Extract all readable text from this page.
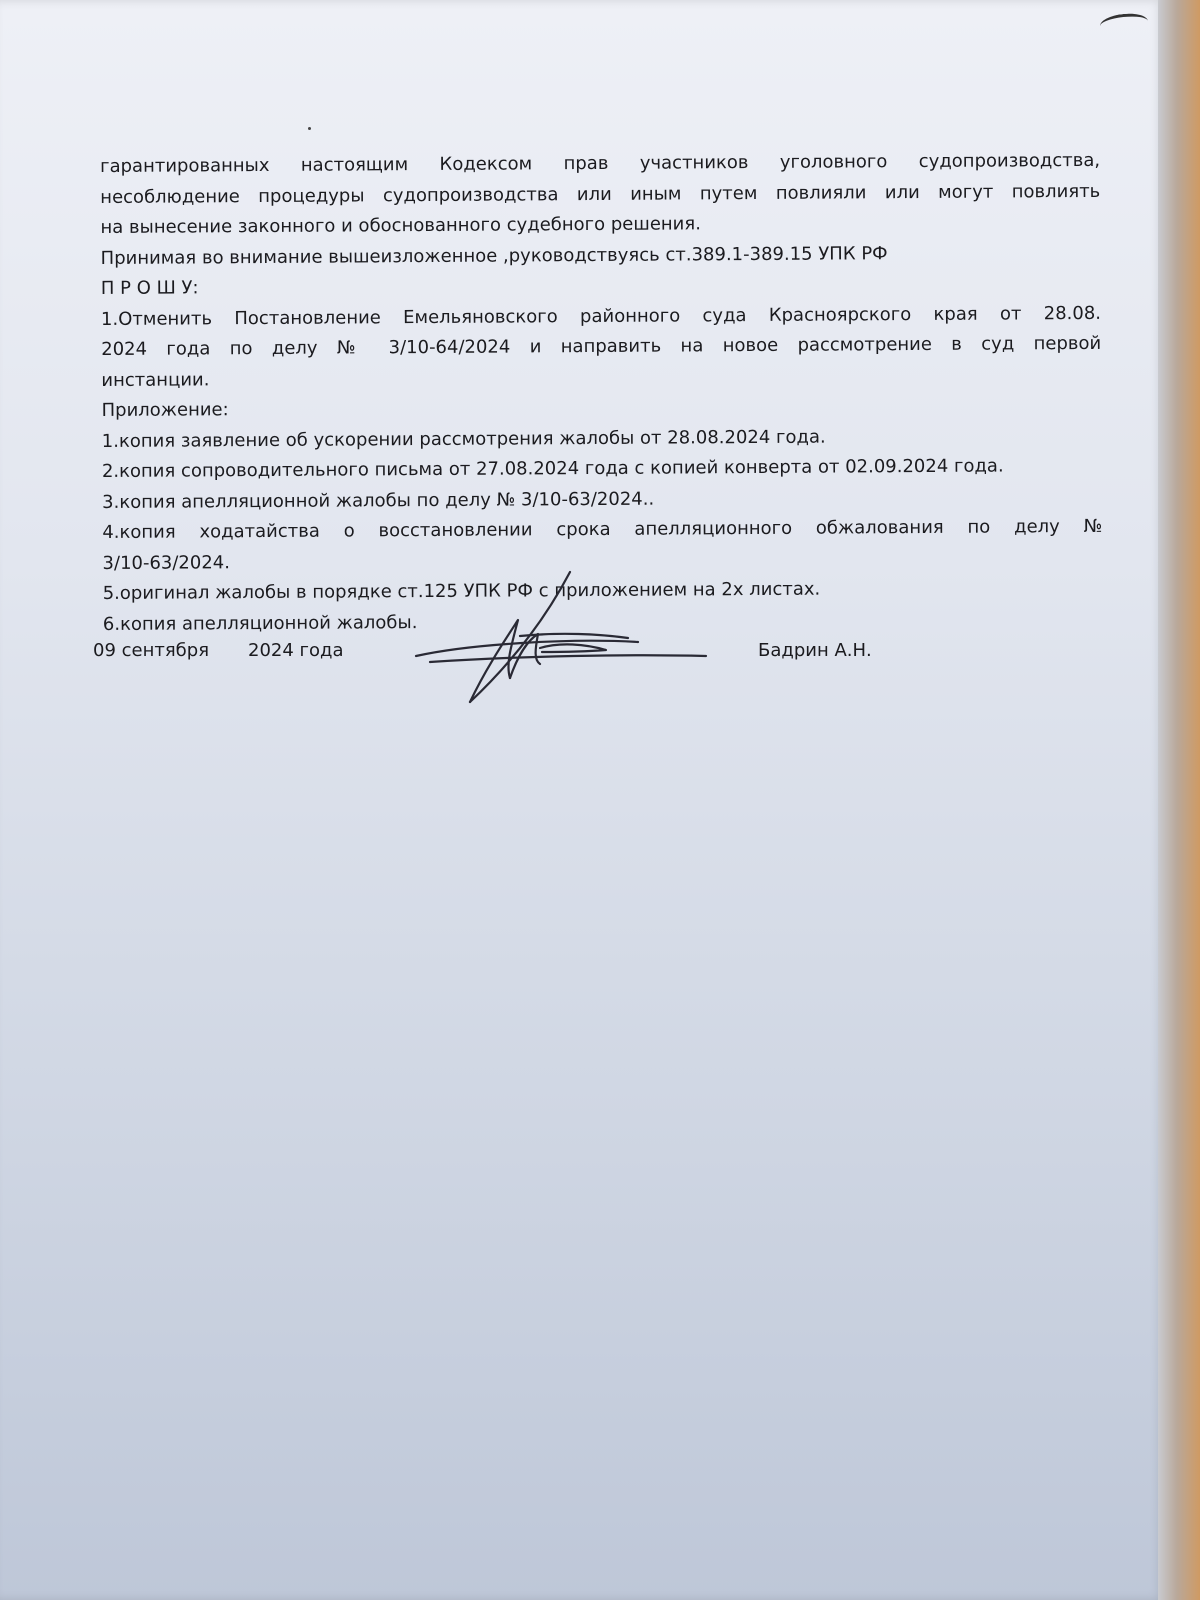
гарантированных настоящим Кодексом прав участников уголовного судопроизводства,
несоблюдение процедуры судопроизводства или иным путем повлияли или могут повлиять
на вынесение законного и обоснованного судебного решения.
Принимая во внимание вышеизложенное ,руководствуясь ст.389.1-389.15 УПК РФ
П Р О Ш У:
1.Отменить Постановление Емельяновского районного суда Красноярского края от 28.08.
2024 года по делу № 3/10-64/2024 и направить на новое рассмотрение в суд первой
инстанции.
Приложение:
1.копия заявление об ускорении рассмотрения жалобы от 28.08.2024 года.
2.копия сопроводительного письма от 27.08.2024 года с копией конверта от 02.09.2024 года.
3.копия апелляционной жалобы по делу № 3/10-63/2024..
4.копия ходатайства о восстановлении срока апелляционного обжалования по делу №
3/10-63/2024.
5.оригинал жалобы в порядке ст.125 УПК РФ с приложением на 2х листах.
6.копия апелляционной жалобы.
09 сентября 2024 года	Бадрин А.Н.
